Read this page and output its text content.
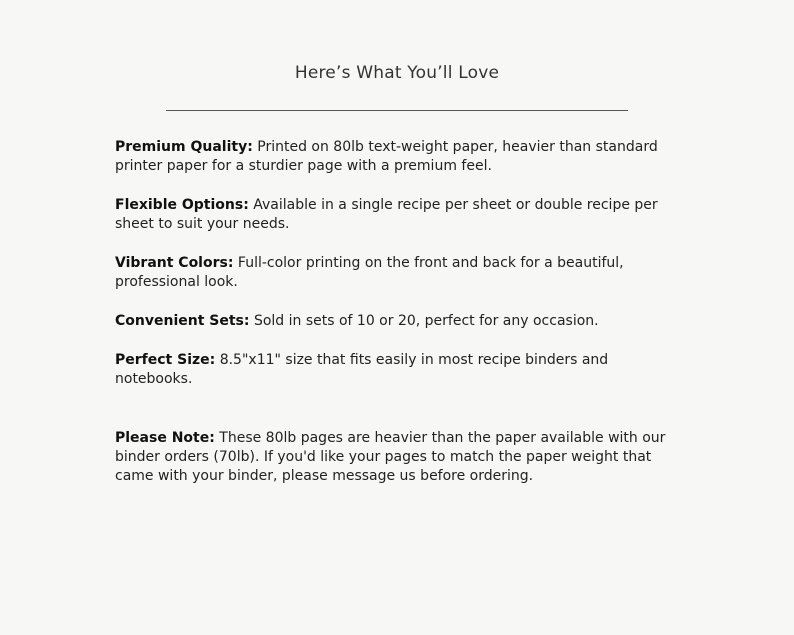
Here’s What You’ll Love

Premium Quality: Printed on 80lb text-weight paper, heavier than standard printer paper for a sturdier page with a premium feel.

Flexible Options: Available in a single recipe per sheet or double recipe per sheet to suit your needs.

Vibrant Colors: Full-color printing on the front and back for a beautiful, professional look.

Convenient Sets: Sold in sets of 10 or 20, perfect for any occasion.

Perfect Size: 8.5"x11" size that fits easily in most recipe binders and notebooks.

Please Note: These 80lb pages are heavier than the paper available with our binder orders (70lb). If you'd like your pages to match the paper weight that came with your binder, please message us before ordering.
